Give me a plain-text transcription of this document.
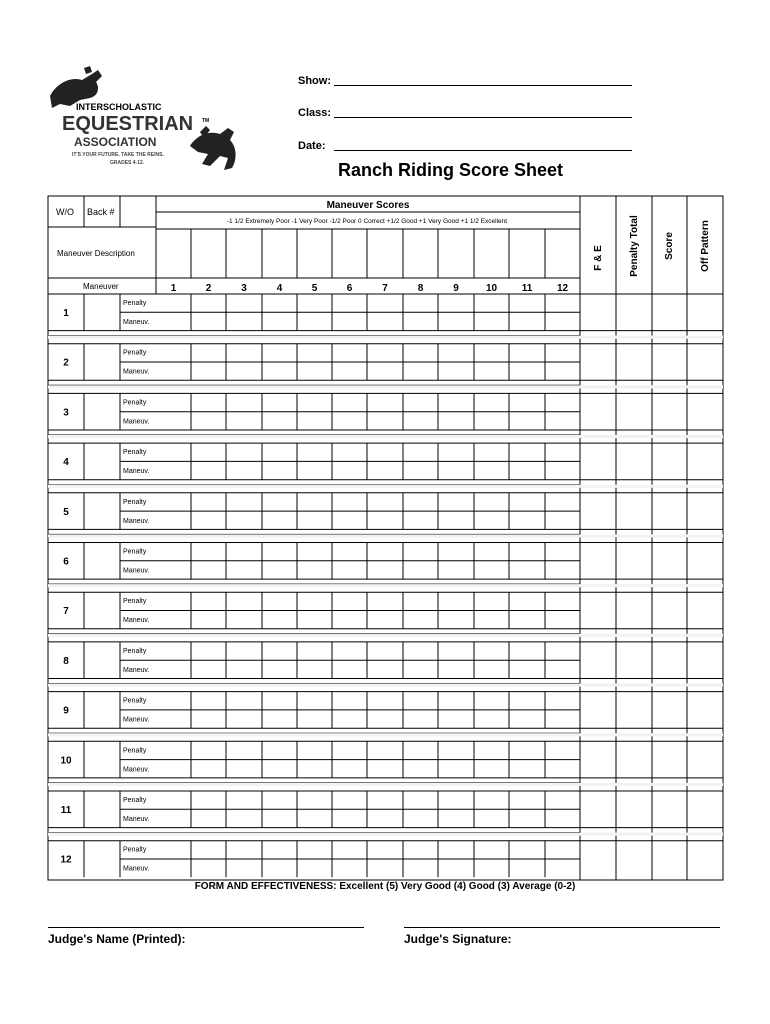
INTERSCHOLASTIC
EQUESTRIAN TM
ASSOCIATION
IT'S YOUR FUTURE. TAKE THE REINS.
GRADES 4-12.
Show:
Class:
Date:
Ranch Riding Score Sheet
W/O Back #
Maneuver Scores
-1 1/2 Extremely Poor -1 Very Poor -1/2 Poor 0 Correct +1/2 Good +1 Very Good +1 1/2 Excellent
Maneuver Description
Maneuver	1	2	3	4	5	6	7	8	9	10 11 12
F & E	Penalty Total Score	Off Pattern
1
Penalty
Maneuv.
2
Penalty
Maneuv.
3
Penalty
Maneuv.
4
Penalty
Maneuv.
5
Penalty
Maneuv.
6
Penalty
Maneuv.
7
Penalty
Maneuv.
8
Penalty
Maneuv.
9
Penalty
Maneuv.
10
Penalty
Maneuv.
11
Penalty
Maneuv.
12
Penalty
Maneuv.
FORM AND EFFECTIVENESS: Excellent (5) Very Good (4) Good (3) Average (0-2)
Judge's Name (Printed):	Judge's Signature:
